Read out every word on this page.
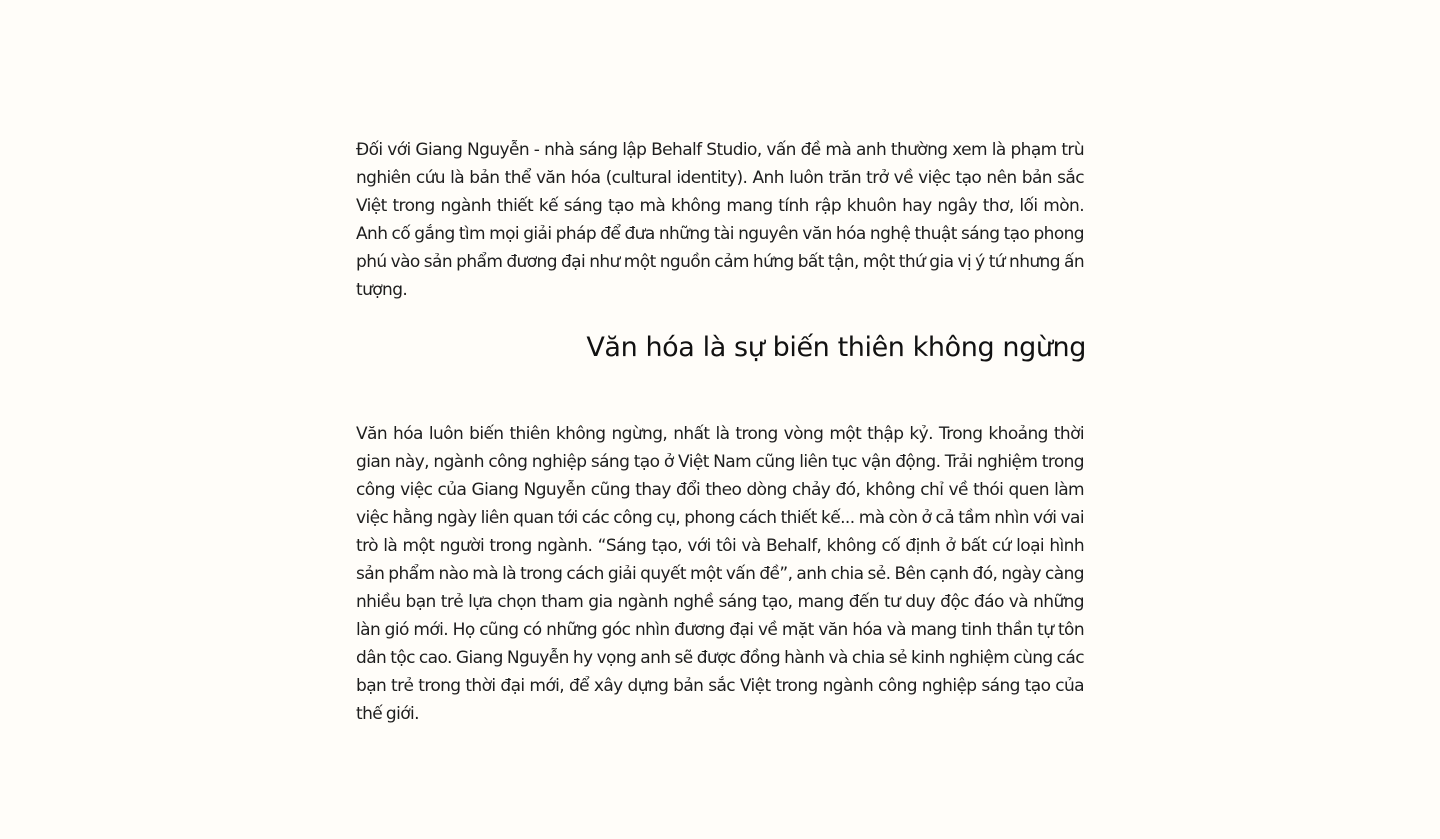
Đối với Giang Nguyễn - nhà sáng lập Behalf Studio, vấn đề mà anh thường xem là phạm trù nghiên cứu là bản thể văn hóa (cultural identity). Anh luôn trăn trở về việc tạo nên bản sắc Việt trong ngành thiết kế sáng tạo mà không mang tính rập khuôn hay ngây thơ, lối mòn. Anh cố gắng tìm mọi giải pháp để đưa những tài nguyên văn hóa nghệ thuật sáng tạo phong phú vào sản phẩm đương đại như một nguồn cảm hứng bất tận, một thứ gia vị ý tứ nhưng ấn tượng.

Văn hóa là sự biến thiên không ngừng

Văn hóa luôn biến thiên không ngừng, nhất là trong vòng một thập kỷ. Trong khoảng thời gian này, ngành công nghiệp sáng tạo ở Việt Nam cũng liên tục vận động. Trải nghiệm trong công việc của Giang Nguyễn cũng thay đổi theo dòng chảy đó, không chỉ về thói quen làm việc hằng ngày liên quan tới các công cụ, phong cách thiết kế... mà còn ở cả tầm nhìn với vai trò là một người trong ngành. “Sáng tạo, với tôi và Behalf, không cố định ở bất cứ loại hình sản phẩm nào mà là trong cách giải quyết một vấn đề”, anh chia sẻ. Bên cạnh đó, ngày càng nhiều bạn trẻ lựa chọn tham gia ngành nghề sáng tạo, mang đến tư duy độc đáo và những làn gió mới. Họ cũng có những góc nhìn đương đại về mặt văn hóa và mang tinh thần tự tôn dân tộc cao. Giang Nguyễn hy vọng anh sẽ được đồng hành và chia sẻ kinh nghiệm cùng các bạn trẻ trong thời đại mới, để xây dựng bản sắc Việt trong ngành công nghiệp sáng tạo của thế giới.
